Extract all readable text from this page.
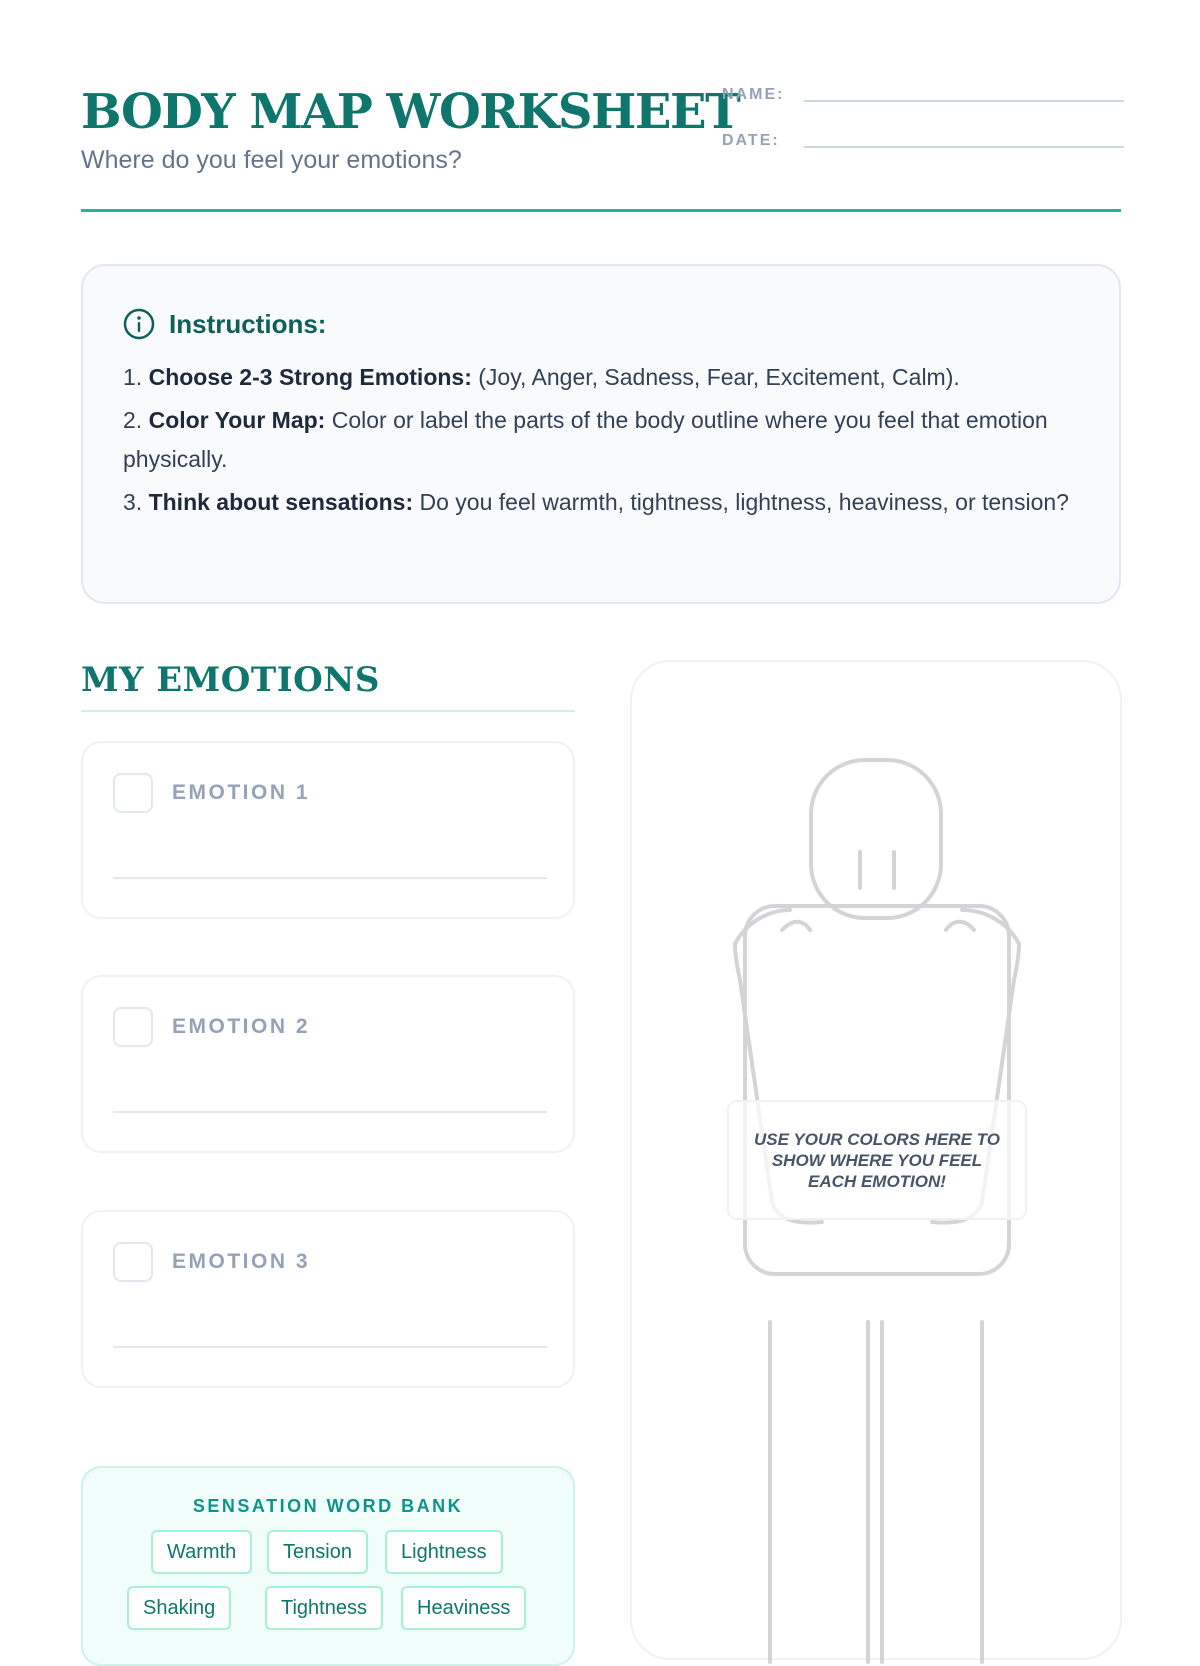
BODY MAP WORKSHEET
Where do you feel your emotions?
NAME:
DATE:
Instructions:
1. Choose 2-3 Strong Emotions: (Joy, Anger, Sadness, Fear, Excitement, Calm).
2. Color Your Map: Color or label the parts of the body outline where you feel that emotion physically.
3. Think about sensations: Do you feel warmth, tightness, lightness, heaviness, or tension?
MY EMOTIONS
EMOTION 1
EMOTION 2
EMOTION 3
SENSATION WORD BANK
Warmth	Tension	Lightness
Shaking	Tightness	Heaviness
USE YOUR COLORS HERE TO SHOW WHERE YOU FEEL EACH EMOTION!
